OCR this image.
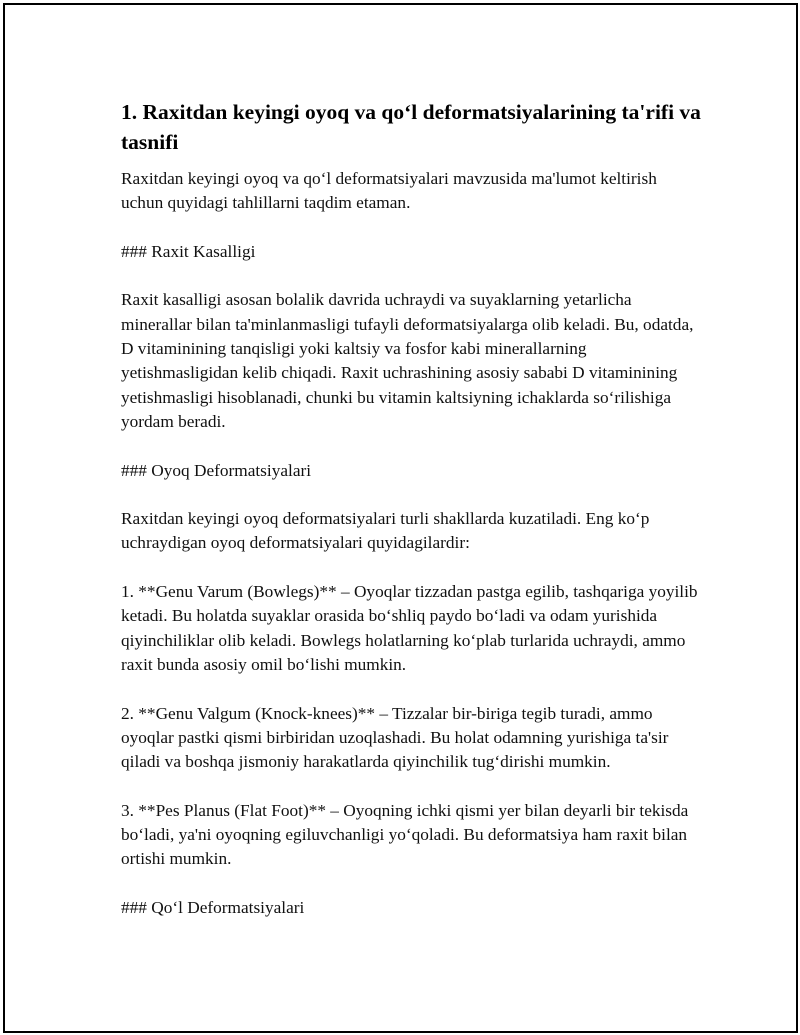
1. Raxitdan keyingi oyoq va qo‘l deformatsiyalarining ta'rifi va tasnifi

Raxitdan keyingi oyoq va qo‘l deformatsiyalari mavzusida ma'lumot keltirish uchun quyidagi tahlillarni taqdim etaman.

### Raxit Kasalligi

Raxit kasalligi asosan bolalik davrida uchraydi va suyaklarning yetarlicha minerallar bilan ta'minlanmasligi tufayli deformatsiyalarga olib keladi. Bu, odatda, D vitaminining tanqisligi yoki kaltsiy va fosfor kabi minerallarning yetishmasligidan kelib chiqadi. Raxit uchrashining asosiy sababi D vitaminining yetishmasligi hisoblanadi, chunki bu vitamin kaltsiyning ichaklarda so‘rilishiga yordam beradi.

### Oyoq Deformatsiyalari

Raxitdan keyingi oyoq deformatsiyalari turli shakllarda kuzatiladi. Eng ko‘p uchraydigan oyoq deformatsiyalari quyidagilardir:

1. **Genu Varum (Bowlegs)** – Oyoqlar tizzadan pastga egilib, tashqariga yoyilib ketadi. Bu holatda suyaklar orasida bo‘shliq paydo bo‘ladi va odam yurishida qiyinchiliklar olib keladi. Bowlegs holatlarning ko‘plab turlarida uchraydi, ammo raxit bunda asosiy omil bo‘lishi mumkin.

2. **Genu Valgum (Knock-knees)** – Tizzalar bir-biriga tegib turadi, ammo oyoqlar pastki qismi birbiridan uzoqlashadi. Bu holat odamning yurishiga ta'sir qiladi va boshqa jismoniy harakatlarda qiyinchilik tug‘dirishi mumkin.

3. **Pes Planus (Flat Foot)** – Oyoqning ichki qismi yer bilan deyarli bir tekisda bo‘ladi, ya'ni oyoqning egiluvchanligi yo‘qoladi. Bu deformatsiya ham raxit bilan ortishi mumkin.

### Qo‘l Deformatsiyalari
